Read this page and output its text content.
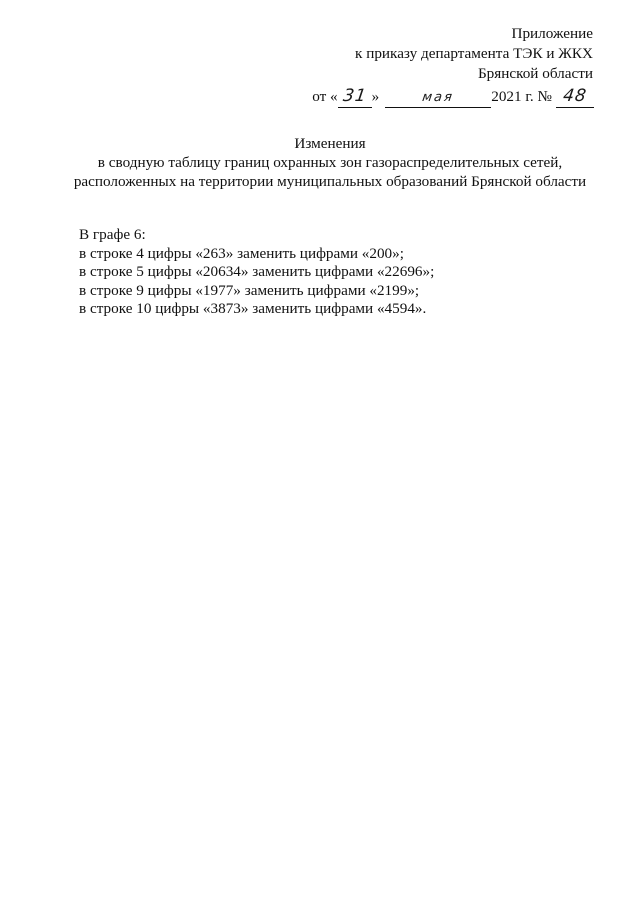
Приложение
к приказу департамента ТЭК и ЖКХ
Брянской области
от « 31 »	мая	2021 г. № 48
Изменения
в сводную таблицу границ охранных зон газораспределительных сетей,
расположенных на территории муниципальных образований Брянской области
В графе 6:
в строке 4 цифры «263» заменить цифрами «200»;
в строке 5 цифры «20634» заменить цифрами «22696»;
в строке 9 цифры «1977» заменить цифрами «2199»;
в строке 10 цифры «3873» заменить цифрами «4594».
